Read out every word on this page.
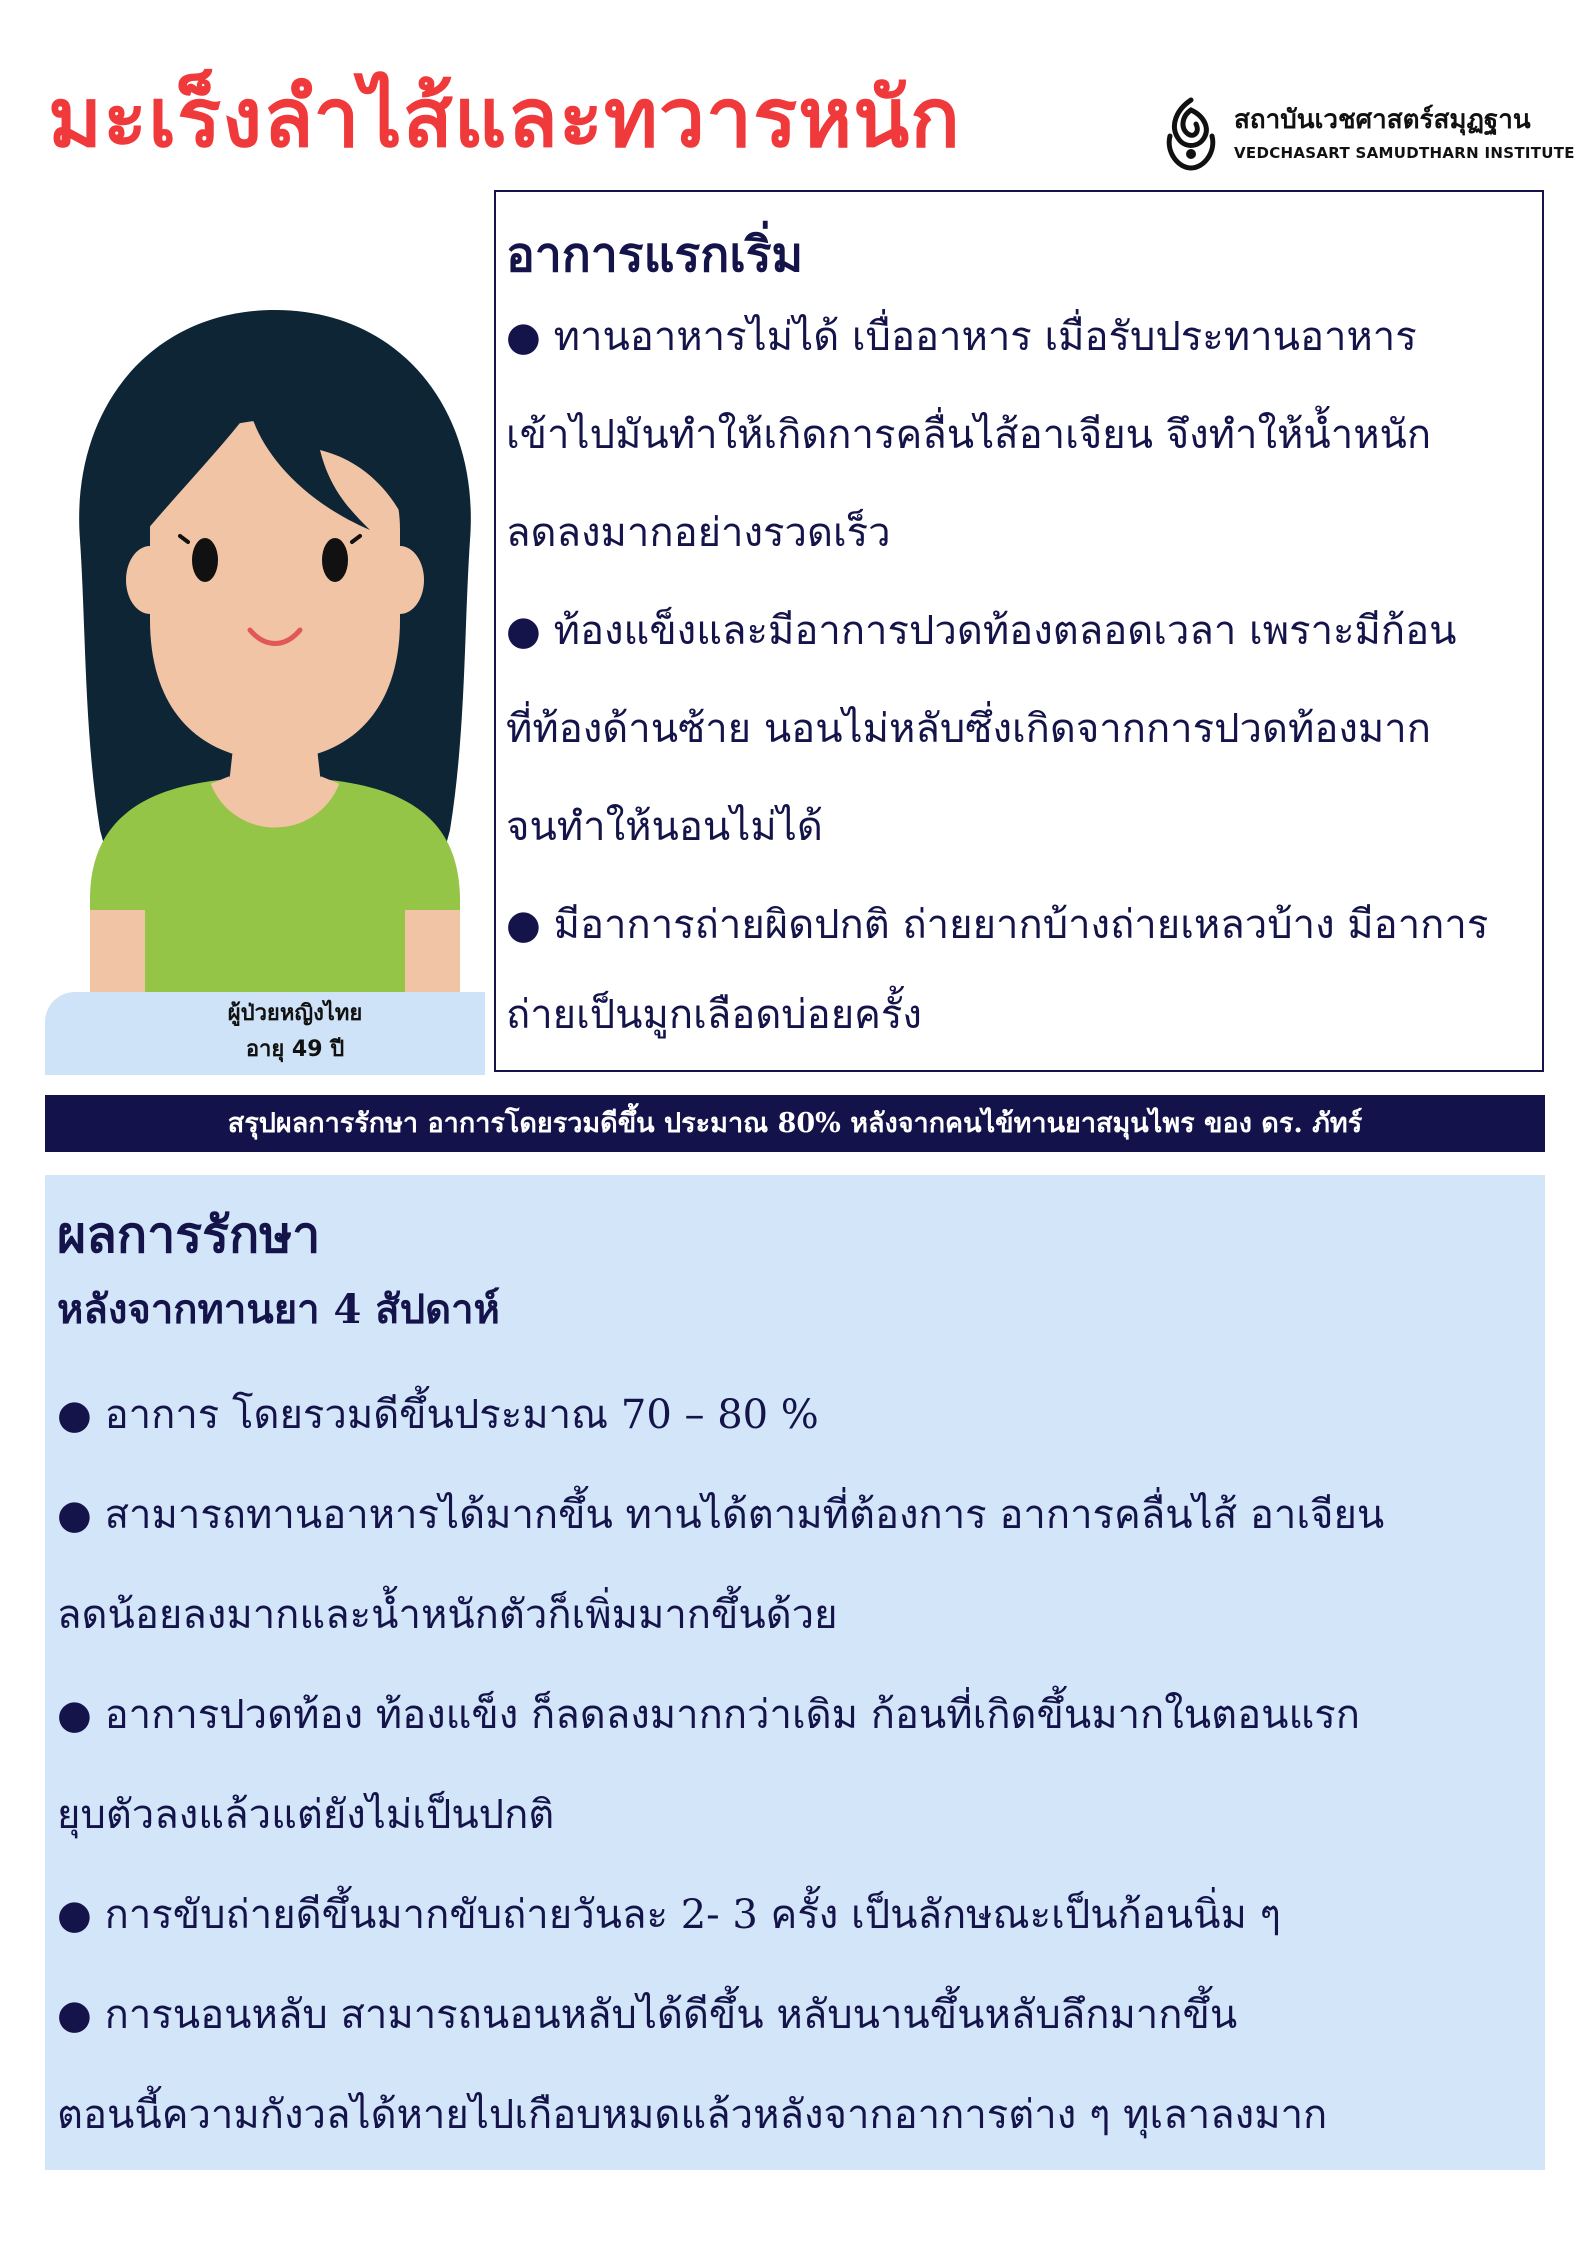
มะเร็งลำไส้และทวารหนัก	สถาบันเวชศาสตร์สมุฏฐาน
VEDCHASART SAMUDTHARN INSTITUTE
ผู้ป่วยหญิงไทย
อายุ 49 ปี
อาการแรกเริ่ม
● ทานอาหารไม่ได้ เบื่ออาหาร เมื่อรับประทานอาหาร
เข้าไปมันทำให้เกิดการคลื่นไส้อาเจียน จึงทำให้น้ำหนัก
ลดลงมากอย่างรวดเร็ว
● ท้องแข็งและมีอาการปวดท้องตลอดเวลา เพราะมีก้อน
ที่ท้องด้านซ้าย นอนไม่หลับซึ่งเกิดจากการปวดท้องมาก
จนทำให้นอนไม่ได้
● มีอาการถ่ายผิดปกติ ถ่ายยากบ้างถ่ายเหลวบ้าง มีอาการ
ถ่ายเป็นมูกเลือดบ่อยครั้ง
สรุปผลการรักษา อาการโดยรวมดีขึ้น ประมาณ 80% หลังจากคนไข้ทานยาสมุนไพร ของ ดร. ภัทร์
ผลการรักษา
หลังจากทานยา 4 สัปดาห์
● อาการ โดยรวมดีขึ้นประมาณ 70 – 80 %
● สามารถทานอาหารได้มากขึ้น ทานได้ตามที่ต้องการ อาการคลื่นไส้ อาเจียน
ลดน้อยลงมากและน้ำหนักตัวก็เพิ่มมากขึ้นด้วย
● อาการปวดท้อง ท้องแข็ง ก็ลดลงมากกว่าเดิม ก้อนที่เกิดขึ้นมากในตอนแรก
ยุบตัวลงแล้วแต่ยังไม่เป็นปกติ
● การขับถ่ายดีขึ้นมากขับถ่ายวันละ 2- 3 ครั้ง เป็นลักษณะเป็นก้อนนิ่ม ๆ
● การนอนหลับ สามารถนอนหลับได้ดีขึ้น หลับนานขึ้นหลับลึกมากขึ้น
ตอนนี้ความกังวลได้หายไปเกือบหมดแล้วหลังจากอาการต่าง ๆ ทุเลาลงมาก
